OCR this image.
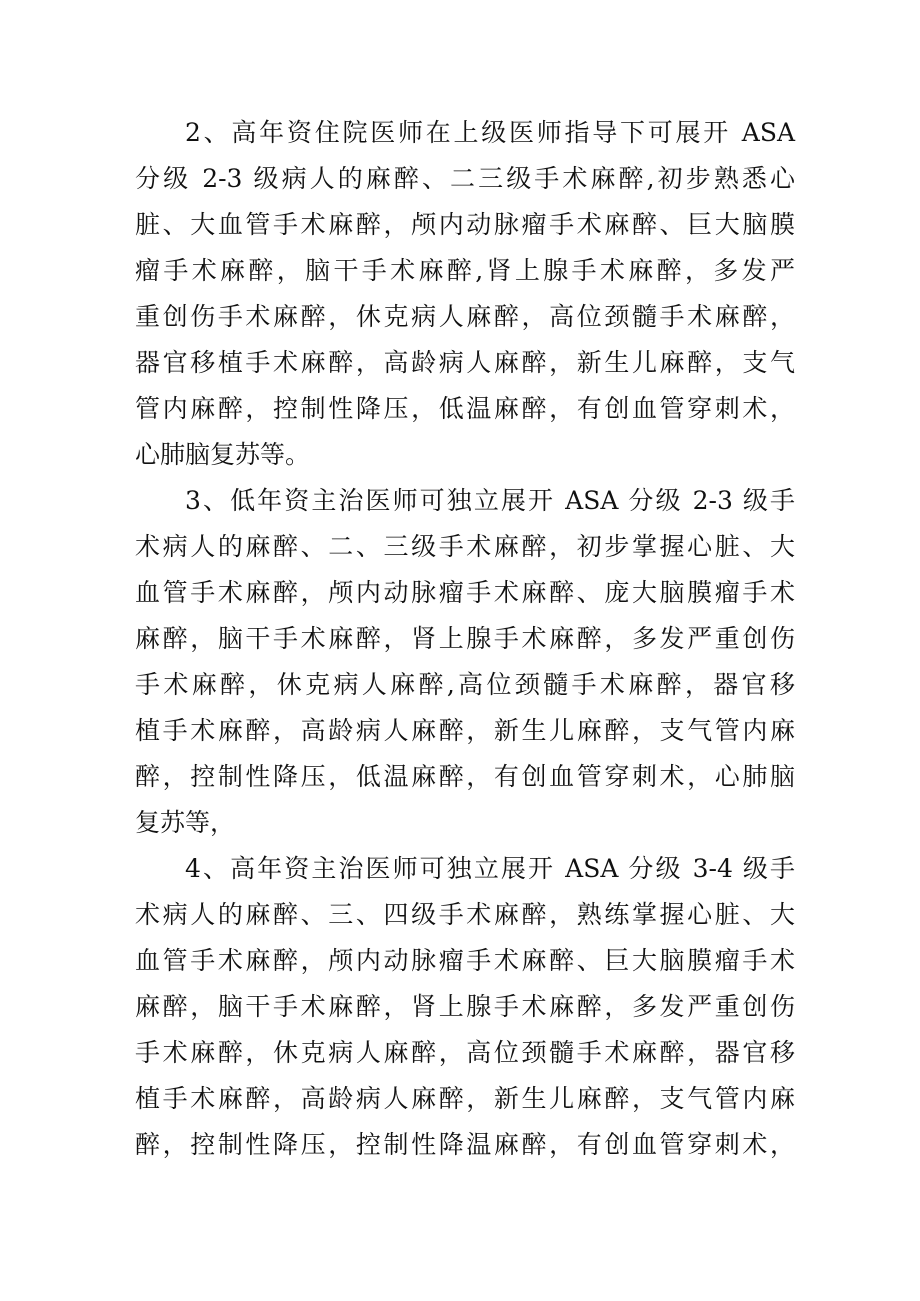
2、高年资住院医师在上级医师指导下可展开 ASA
分级 2-3 级病人的麻醉、二三级手术麻醉,初步熟悉心
脏、大血管手术麻醉，颅内动脉瘤手术麻醉、巨大脑膜
瘤手术麻醉，脑干手术麻醉,肾上腺手术麻醉，多发严
重创伤手术麻醉，休克病人麻醉，高位颈髓手术麻醉，
器官移植手术麻醉，高龄病人麻醉，新生儿麻醉，支气
管内麻醉，控制性降压，低温麻醉，有创血管穿刺术，
心肺脑复苏等。
3、低年资主治医师可独立展开 ASA 分级 2-3 级手
术病人的麻醉、二、三级手术麻醉，初步掌握心脏、大
血管手术麻醉，颅内动脉瘤手术麻醉、庞大脑膜瘤手术
麻醉，脑干手术麻醉，肾上腺手术麻醉，多发严重创伤
手术麻醉，休克病人麻醉,高位颈髓手术麻醉，器官移
植手术麻醉，高龄病人麻醉，新生儿麻醉，支气管内麻
醉，控制性降压，低温麻醉，有创血管穿刺术，心肺脑
复苏等，
4、高年资主治医师可独立展开 ASA 分级 3-4 级手
术病人的麻醉、三、四级手术麻醉，熟练掌握心脏、大
血管手术麻醉，颅内动脉瘤手术麻醉、巨大脑膜瘤手术
麻醉，脑干手术麻醉，肾上腺手术麻醉，多发严重创伤
手术麻醉，休克病人麻醉，高位颈髓手术麻醉，器官移
植手术麻醉，高龄病人麻醉，新生儿麻醉，支气管内麻
醉，控制性降压，控制性降温麻醉，有创血管穿刺术，
